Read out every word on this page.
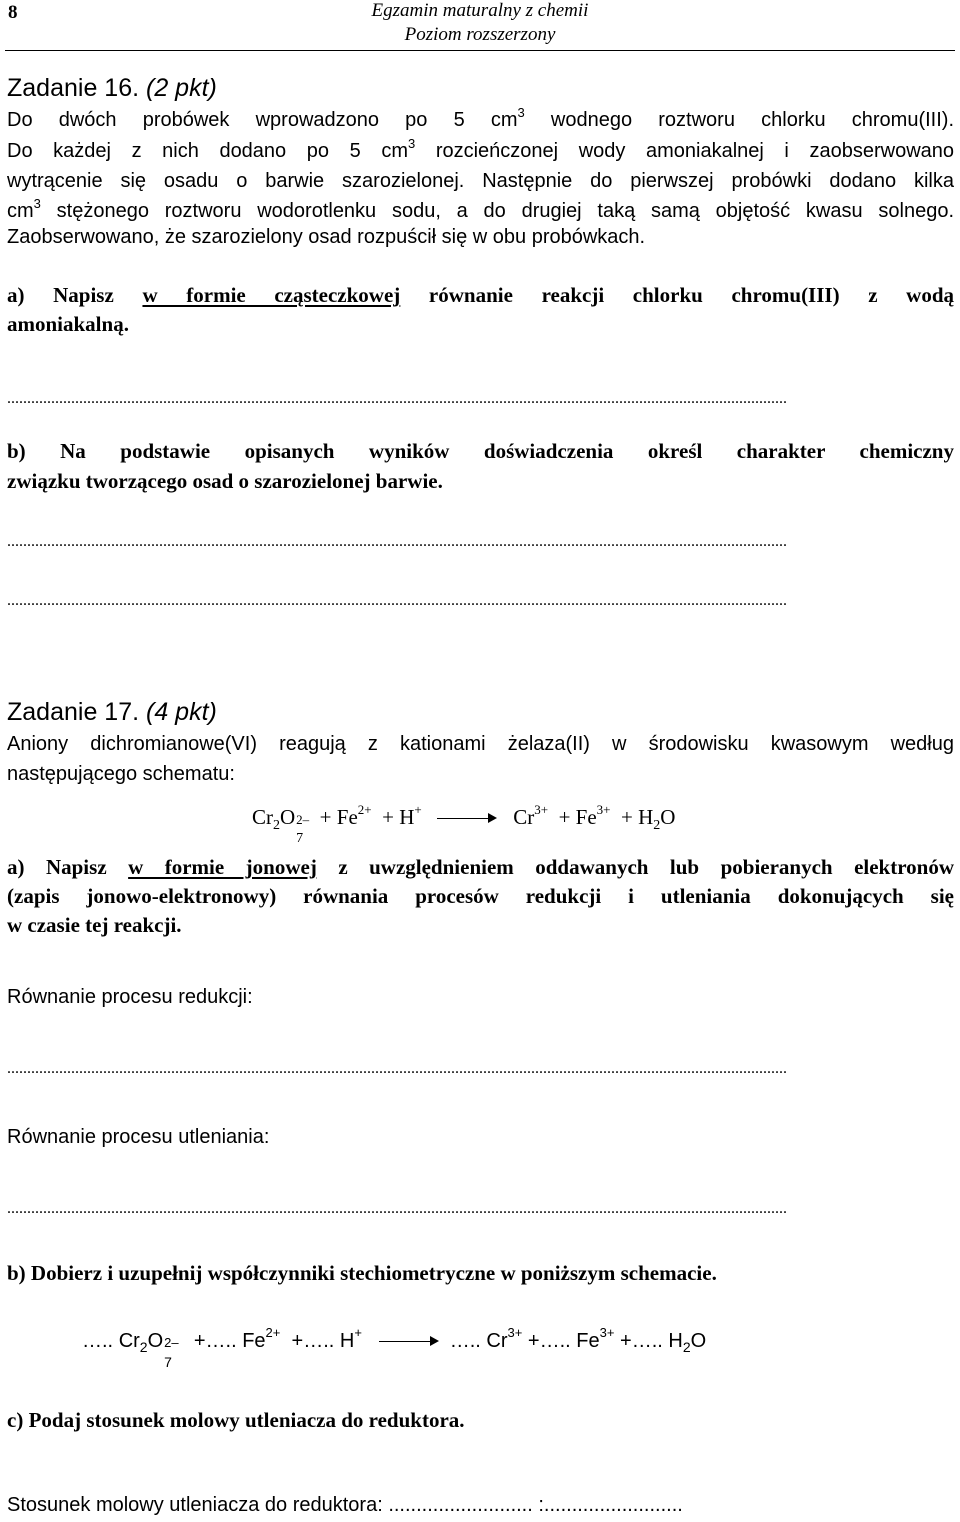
8	Egzamin maturalny z chemii
Poziom rozszerzony
Zadanie 16. (2 pkt)
Do dwóch probówek wprowadzono po 5 $cm^3$ wodnego roztworu chlorku chromu(III).
Do każdej z nich dodano po 5 $cm^3$ rozcieńczonej wody amoniakalnej i zaobserwowano
wytrącenie się osadu o barwie szarozielonej. Następnie do pierwszej probówki dodano kilka
$cm^3$ stężonego roztworu wodorotlenku sodu, a do drugiej taką samą objętość kwasu solnego.
Zaobserwowano, że szarozielony osad rozpuścił się w obu probówkach.
a) Napisz w formie cząsteczkowej równanie reakcji chlorku chromu(III) z wodą
amoniakalną.
...................................................................................................................................................................................................
b) Na podstawie opisanych wyników doświadczenia określ charakter chemiczny
związku tworzącego osad o szarozielonej barwie.
...................................................................................................................................................................................................
...................................................................................................................................................................................................
Zadanie 17. (4 pkt)
Aniony dichromianowe(VI) reagują z kationami żelaza(II) w środowisku kwasowym według
następującego schematu:
$Cr_2O$ 2–
7
+ $Fe^{2+} + H^+$	$Cr^{3+} + Fe^{3+} + H_2O$
a) Napisz w formie jonowej z uwzględnieniem oddawanych lub pobieranych elektronów
(zapis jonowo-elektronowy) równania procesów redukcji i utleniania dokonujących się
w czasie tej reakcji.
Równanie procesu redukcji:
...................................................................................................................................................................................................
Równanie procesu utleniania:
...................................................................................................................................................................................................
b) Dobierz i uzupełnij współczynniki stechiometryczne w poniższym schemacie.
….. $Cr_2O$ 2–
7
+….. $Fe^{2+}$ +….. H+	….. $Cr^{3+}$ +….. $Fe^{3+}$ +….. $H_2O$
c) Podaj stosunek molowy utleniacza do reduktora.
Stosunek molowy utleniacza do reduktora: .......................... :.........................
